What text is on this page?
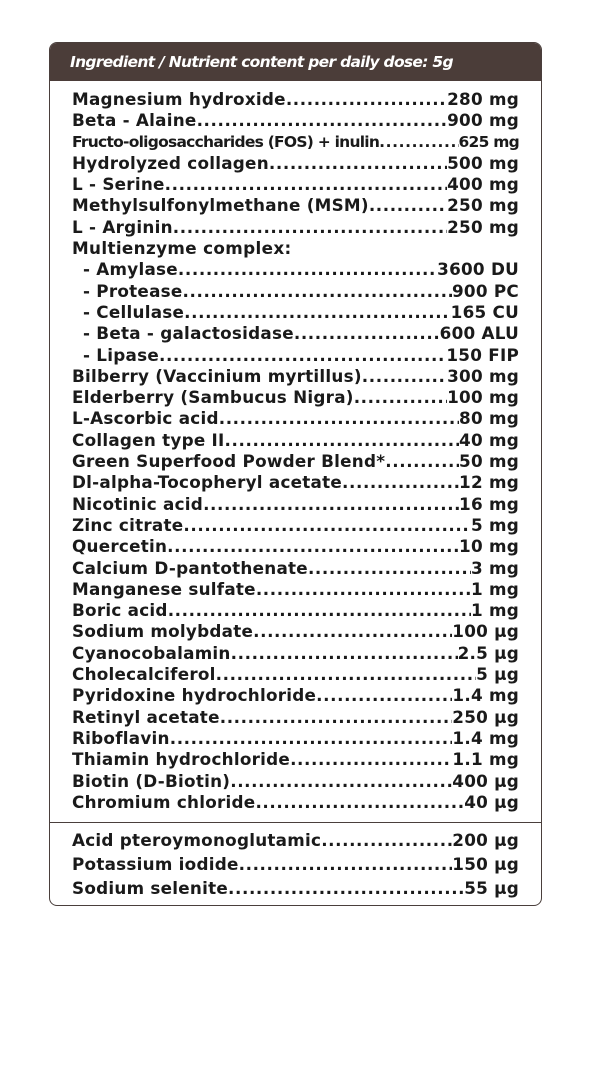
Ingredient / Nutrient content per daily dose: 5g
Magnesium hydroxide .....	280 mg
Beta - Alaine .....	900 mg
Fructo-oligosaccharides (FOS) + inulin .....	625 mg
Hydrolyzed collagen .....	500 mg
L - Serine .....	400 mg
Methylsulfonylmethane (MSM) .....	250 mg
L - Arginin .....	250 mg
Multienzyme complex:
- Amylase .....	3600 DU
- Protease .....	900 PC
- Cellulase .....	165 CU
- Beta - galactosidase .....	600 ALU
- Lipase .....	150 FIP
Bilberry (Vaccinium myrtillus) .....	300 mg
Elderberry (Sambucus Nigra) .....	100 mg
L-Ascorbic acid .....	80 mg
Collagen type II .....	40 mg
Green Superfood Powder Blend* .....	50 mg
Dl-alpha-Tocopheryl acetate .....	12 mg
Nicotinic acid .....	16 mg
Zinc citrate .....	5 mg
Quercetin .....	10 mg
Calcium D-pantothenate .....	3 mg
Manganese sulfate .....	1 mg
Boric acid .....	1 mg
Sodium molybdate .....	100 µg
Cyanocobalamin .....	2.5 µg
Cholecalciferol .....	5 µg
Pyridoxine hydrochloride .....	1.4 mg
Retinyl acetate .....	250 µg
Riboflavin .....	1.4 mg
Thiamin hydrochloride .....	1.1 mg
Biotin (D-Biotin) .....	400 µg
Chromium chloride .....	40 µg
Acid pteroymonoglutamic .....	200 µg
Potassium iodide .....	150 µg
Sodium selenite .....	55 µg
